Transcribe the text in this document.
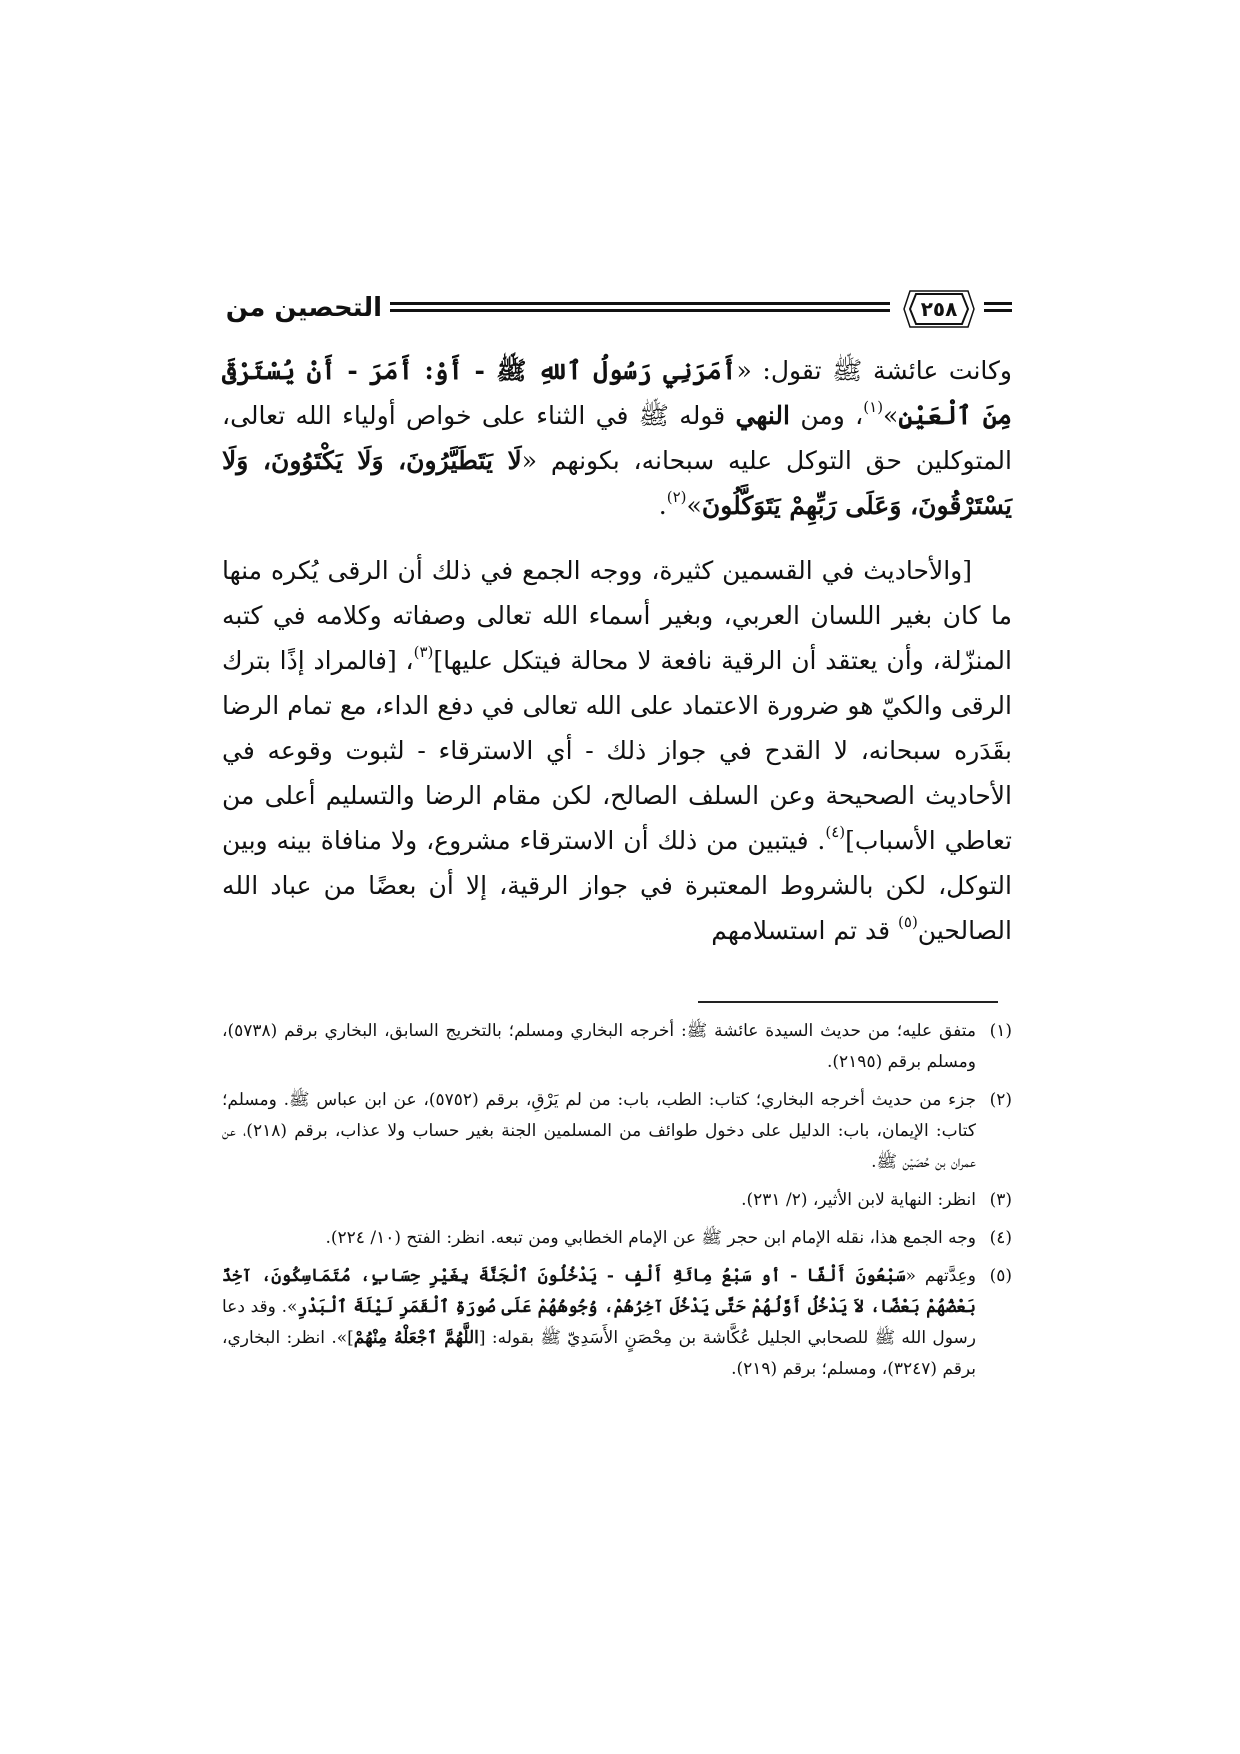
التحصين من	٢٥٨

وكانت عائشة ﷺ تقول: «أَمَرَنِي رَسُولُ ٱللهِ ﷺ - أَوْ: أَمَرَ - أَنْ يُسْتَرْقَى مِنَ ٱلْعَيْنِ»$^{(١)}$، ومن النهي قوله ﷺ في الثناء على خواص أولياء الله تعالى، المتوكلين حق التوكل عليه سبحانه، بكونهم «لَا يَتَطَيَّرُونَ، وَلَا يَكْتَوُونَ، وَلَا يَسْتَرْقُونَ، وَعَلَى رَبِّهِمْ يَتَوَكَّلُونَ»$^{(٢)}$.

[والأحاديث في القسمين كثيرة، ووجه الجمع في ذلك أن الرقى يُكره منها ما كان بغير اللسان العربي، وبغير أسماء الله تعالى وصفاته وكلامه في كتبه المنزّلة، وأن يعتقد أن الرقية نافعة لا محالة فيتكل عليها]$^{(٣)}$، [فالمراد إذًا بترك الرقى والكيّ هو ضرورة الاعتماد على الله تعالى في دفع الداء، مع تمام الرضا بقَدَره سبحانه، لا القدح في جواز ذلك - أي الاسترقاء - لثبوت وقوعه في الأحاديث الصحيحة وعن السلف الصالح، لكن مقام الرضا والتسليم أعلى من تعاطي الأسباب]$^{(٤)}$. فيتبين من ذلك أن الاسترقاء مشروع، ولا منافاة بينه وبين التوكل، لكن بالشروط المعتبرة في جواز الرقية، إلا أن بعضًا من عباد الله الصالحين$^{(٥)}$ قد تم استسلامهم

(١)
متفق عليه؛ من حديث السيدة عائشة ﷺ: أخرجه البخاري ومسلم؛ بالتخريج السابق، البخاري برقم (٥٧٣٨)، ومسلم برقم (٢١٩٥).
(٢)
جزء من حديث أخرجه البخاري؛ كتاب: الطب، باب: من لم يَرْقِ، برقم (٥٧٥٢)، عن ابن عباس ﷺ. ومسلم؛ كتاب: الإيمان، باب: الدليل على دخول طوائف من المسلمين الجنة بغير حساب ولا عذاب، برقم (٢١٨)، عن عمران بن حُصَيْن ﷺ.
(٣)
انظر: النهاية لابن الأثير، (٢/ ٢٣١).
(٤)
وجه الجمع هذا، نقله الإمام ابن حجر ﷺ عن الإمام الخطابي ومن تبعه. انظر: الفتح (١٠/ ٢٢٤).
(٥)
وعِدَّتهم «سَبْعُونَ أَلْفًا - أو سَبْعُ مِائَةِ أَلْفٍ - يَدْخُلُونَ ٱلْجَنَّةَ بِغَيْرِ حِسَابٍ، مُتَمَاسِكُونَ، آخِذٌ بَعْضُهُمْ بَعْضًا، لاَ يَدْخُلُ أَوَّلُهُمْ حَتَّى يَدْخُلَ آخِرُهُمْ، وُجُوهُهُمْ عَلَى صُورَةِ ٱلْقَمَرِ لَيْلَةَ ٱلْبَدْرِ». وقد دعا رسول الله ﷺ للصحابي الجليل عُكَّاشة بن مِحْصَنٍ الأَسَدِيّ ﷺ بقوله: [اللَّهُمَّ ٱجْعَلْهُ مِنْهُمْ]». انظر: البخاري، برقم (٣٢٤٧)، ومسلم؛ برقم (٢١٩).
